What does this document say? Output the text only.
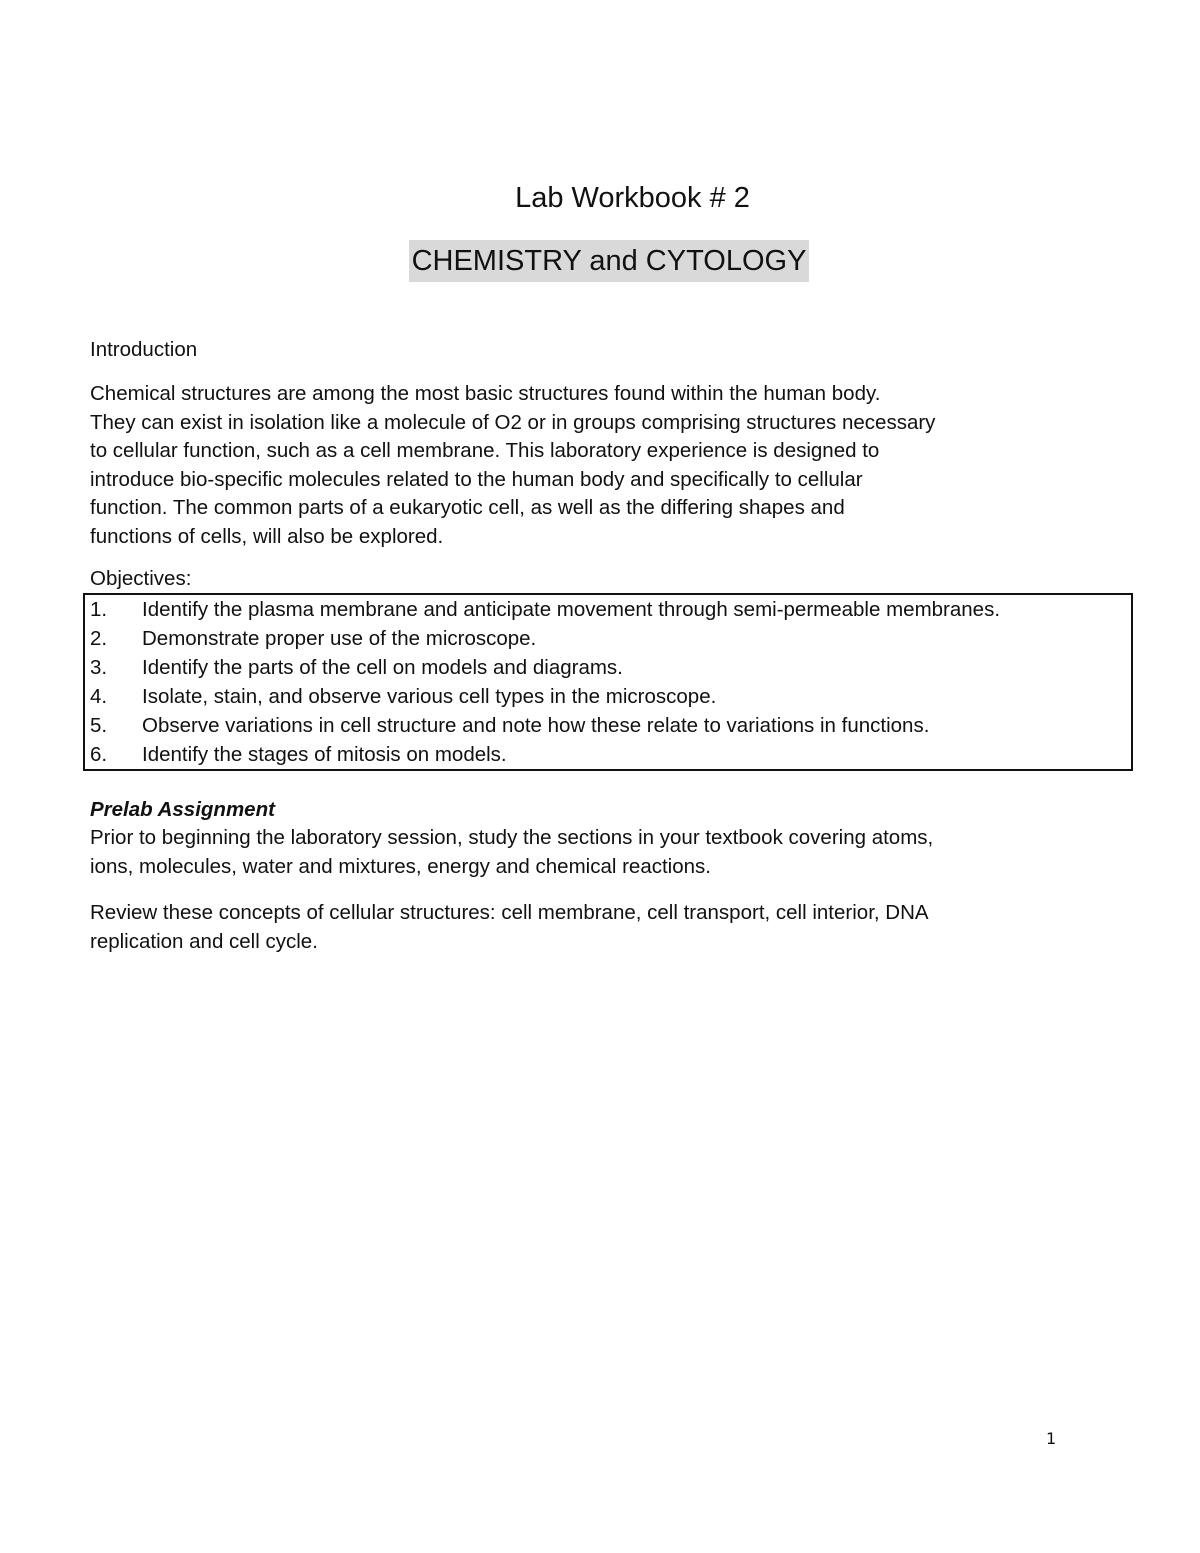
Lab Workbook # 2
CHEMISTRY and CYTOLOGY

Introduction

Chemical structures are among the most basic structures found within the human body.
They can exist in isolation like a molecule of O2 or in groups comprising structures necessary
to cellular function, such as a cell membrane. This laboratory experience is designed to
introduce bio-specific molecules related to the human body and specifically to cellular
function. The common parts of a eukaryotic cell, as well as the differing shapes and
functions of cells, will also be explored.

Objectives:

1. Identify the plasma membrane and anticipate movement through semi-permeable membranes.
2. Demonstrate proper use of the microscope.
3. Identify the parts of the cell on models and diagrams.
4. Isolate, stain, and observe various cell types in the microscope.
5. Observe variations in cell structure and note how these relate to variations in functions.
6. Identify the stages of mitosis on models.

Prelab Assignment

Prior to beginning the laboratory session, study the sections in your textbook covering atoms,
ions, molecules, water and mixtures, energy and chemical reactions.
Review these concepts of cellular structures: cell membrane, cell transport, cell interior, DNA
replication and cell cycle.
1
